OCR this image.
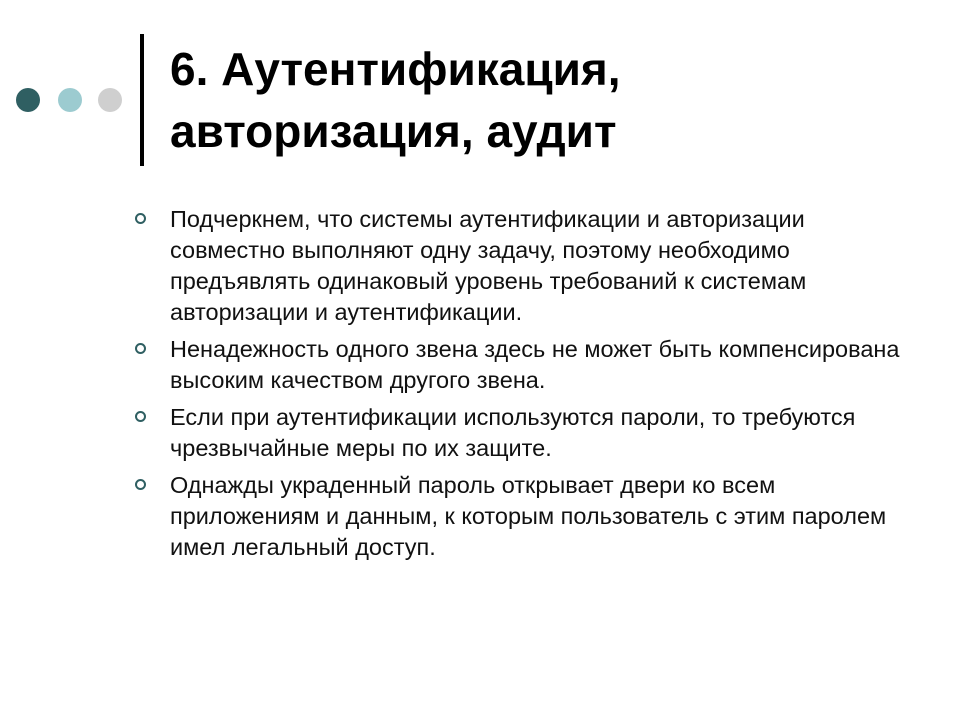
6. Аутентификация,
авторизация, аудит
Подчеркнем, что системы аутентификации и авторизации совместно выполняют одну задачу, поэтому необходимо предъявлять одинаковый уровень требований к системам авторизации и аутентификации.
Ненадежность одного звена здесь не может быть компенсирована высоким качеством другого звена.
Если при аутентификации используются пароли, то требуются чрезвычайные меры по их защите.
Однажды украденный пароль открывает двери ко всем приложениям и данным, к которым пользователь с этим паролем имел легальный доступ.
